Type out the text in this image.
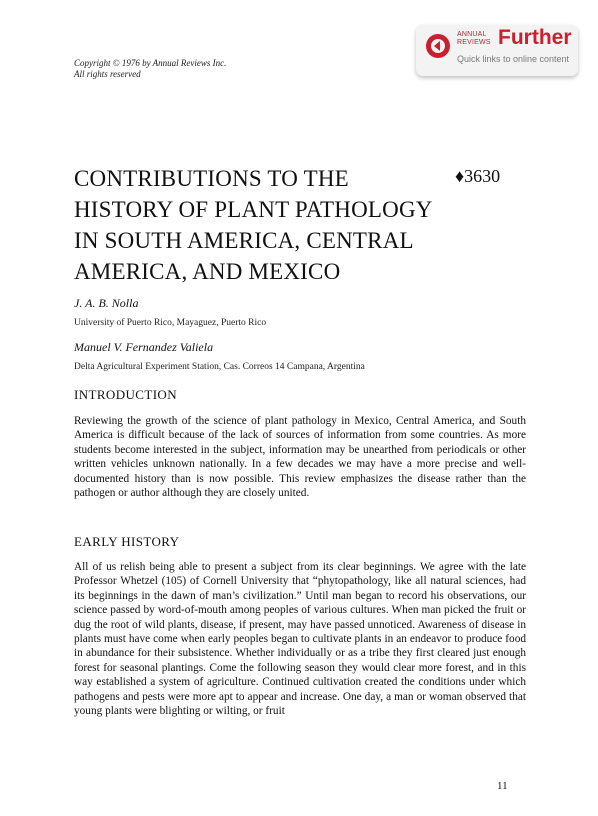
Copyright © 1976 by Annual Reviews Inc.
All rights reserved
ANNUAL
REVIEWS Further
Quick links to online content
CONTRIBUTIONS TO THE
HISTORY OF PLANT PATHOLOGY
IN SOUTH AMERICA, CENTRAL
AMERICA, AND MEXICO
♦3630
J. A. B. Nolla
University of Puerto Rico, Mayaguez, Puerto Rico
Manuel V. Fernandez Valiela
Delta Agricultural Experiment Station, Cas. Correos 14 Campana, Argentina
INTRODUCTION

Reviewing the growth of the science of plant pathology in Mexico, Central America, and South America is difficult because of the lack of sources of information from some countries. As more students become interested in the subject, information may be unearthed from periodicals or other written vehicles unknown nationally. In a few decades we may have a more precise and well-documented history than is now possible. This review emphasizes the disease rather than the pathogen or author although they are closely united.

EARLY HISTORY

All of us relish being able to present a subject from its clear beginnings. We agree with the late Professor Whetzel (105) of Cornell University that “phytopathology, like all natural sciences, had its beginnings in the dawn of man’s civilization.” Until man began to record his observations, our science passed by word-of-mouth among peoples of various cultures. When man picked the fruit or dug the root of wild plants, disease, if present, may have passed unnoticed. Awareness of disease in plants must have come when early peoples began to cultivate plants in an endeavor to produce food in abundance for their subsistence. Whether individually or as a tribe they first cleared just enough forest for seasonal plantings. Come the following season they would clear more forest, and in this way established a system of agriculture. Continued cultivation created the conditions under which pathogens and pests were more apt to appear and increase. One day, a man or woman observed that young plants were blighting or wilting, or fruit

11
